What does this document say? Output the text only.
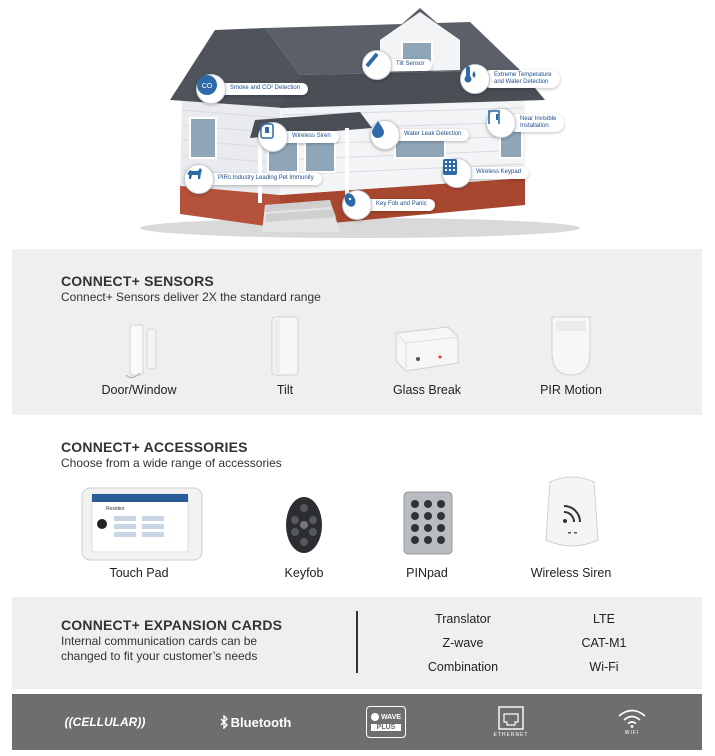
CO	Smoke and CO² Detection
Tilt Sensor
Extreme Temperature
and Water Detection
Wireless Siren	Water Leak Detection
Near Invisible
Installation
PIRs Industry Leading Pet Immunity
Wireless Keypad
Key Fob and Panic
CONNECT+ SENSORS
Connect+ Sensors deliver 2X the standard range
Door/Window	Tilt	Glass Break	PIR Motion
CONNECT+ ACCESSORIES
Choose from a wide range of accessories
Resideo
Touch Pad	Keyfob	PINpad	Wireless Siren
CONNECT+ EXPANSION CARDS
Internal communication cards can be
changed to fit your customer’s needs
Translator	LTE
Z-wave	CAT-M1
Combination	Wi-Fi
(( CELLULAR ))	Bluetooth	WAVE
PLUS
ETHERNET	WIFI
